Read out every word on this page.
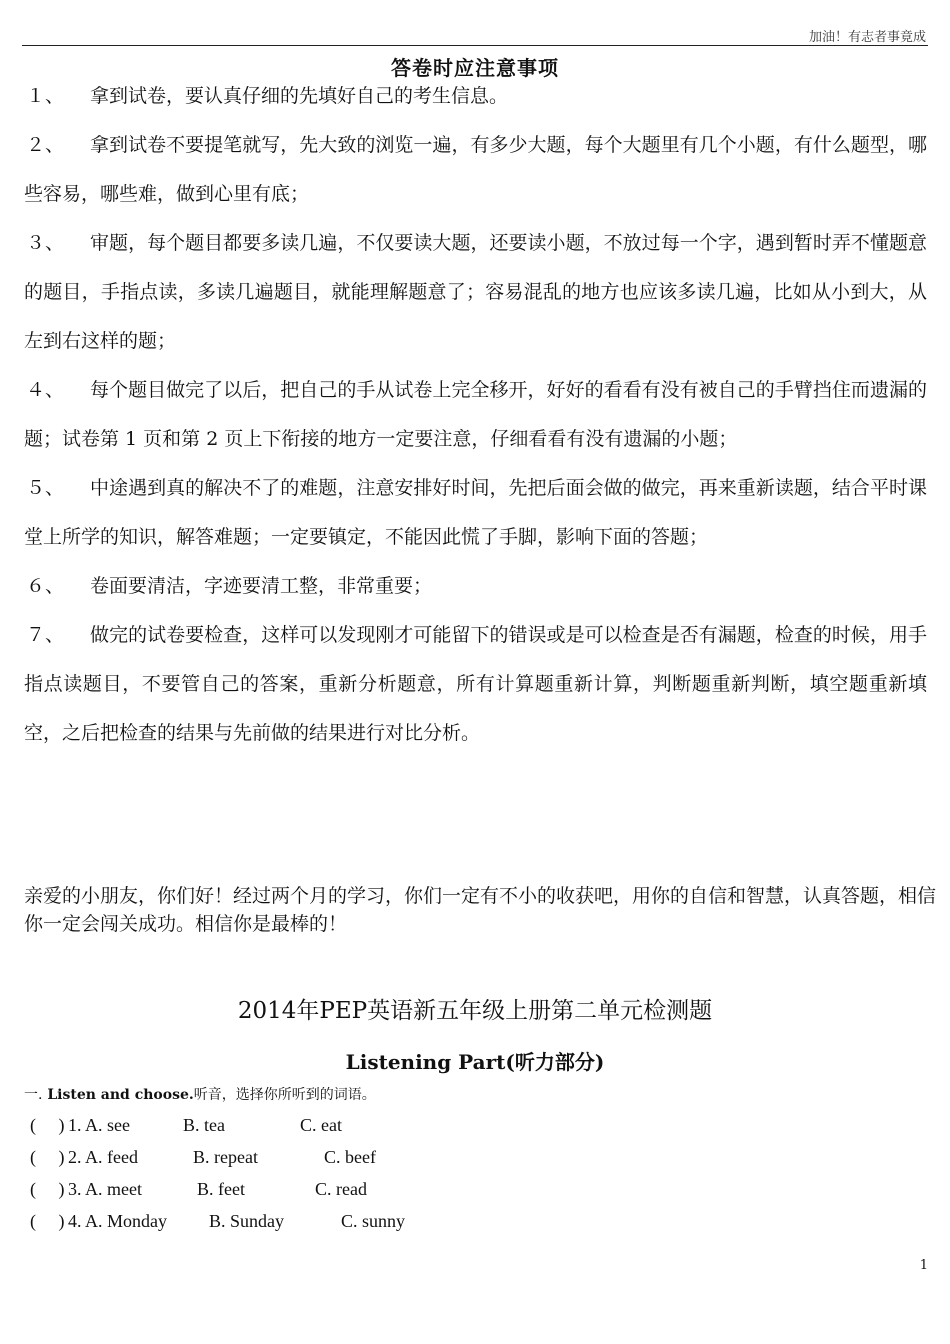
加油！有志者事竟成
答卷时应注意事项
１、 拿到试卷，要认真仔细的先填好自己的考生信息。
２、 拿到试卷不要提笔就写，先大致的浏览一遍，有多少大题，每个大题里有几个小题，有什么题型，哪些容易，哪些难，做到心里有底；
３、 审题，每个题目都要多读几遍，不仅要读大题，还要读小题，不放过每一个字，遇到暂时弄不懂题意的题目，手指点读，多读几遍题目，就能理解题意了；容易混乱的地方也应该多读几遍，比如从小到大，从左到右这样的题；
４、 每个题目做完了以后，把自己的手从试卷上完全移开，好好的看看有没有被自己的手臂挡住而遗漏的题；试卷第 1 页和第 2 页上下衔接的地方一定要注意，仔细看看有没有遗漏的小题；
５、 中途遇到真的解决不了的难题，注意安排好时间，先把后面会做的做完，再来重新读题，结合平时课堂上所学的知识，解答难题；一定要镇定，不能因此慌了手脚，影响下面的答题；
６、 卷面要清洁，字迹要清工整，非常重要；
７、 做完的试卷要检查，这样可以发现刚才可能留下的错误或是可以检查是否有漏题，检查的时候，用手指点读题目，不要管自己的答案，重新分析题意，所有计算题重新计算，判断题重新判断，填空题重新填空，之后把检查的结果与先前做的结果进行对比分析。
亲爱的小朋友，你们好！经过两个月的学习，你们一定有不小的收获吧，用你的自信和智慧，认真答题，相信你一定会闯关成功。相信你是最棒的！
2014年PEP英语新五年级上册第二单元检测题
Listening Part(听力部分)
一. Listen and choose.听音，选择你所听到的词语。
(     ) 1. A. see	B. tea	C. eat
(     ) 2. A. feed	B. repeat	C. beef
(     ) 3. A. meet	B. feet	C. read
(     ) 4. A. Monday B. Sunday	C. sunny
1
